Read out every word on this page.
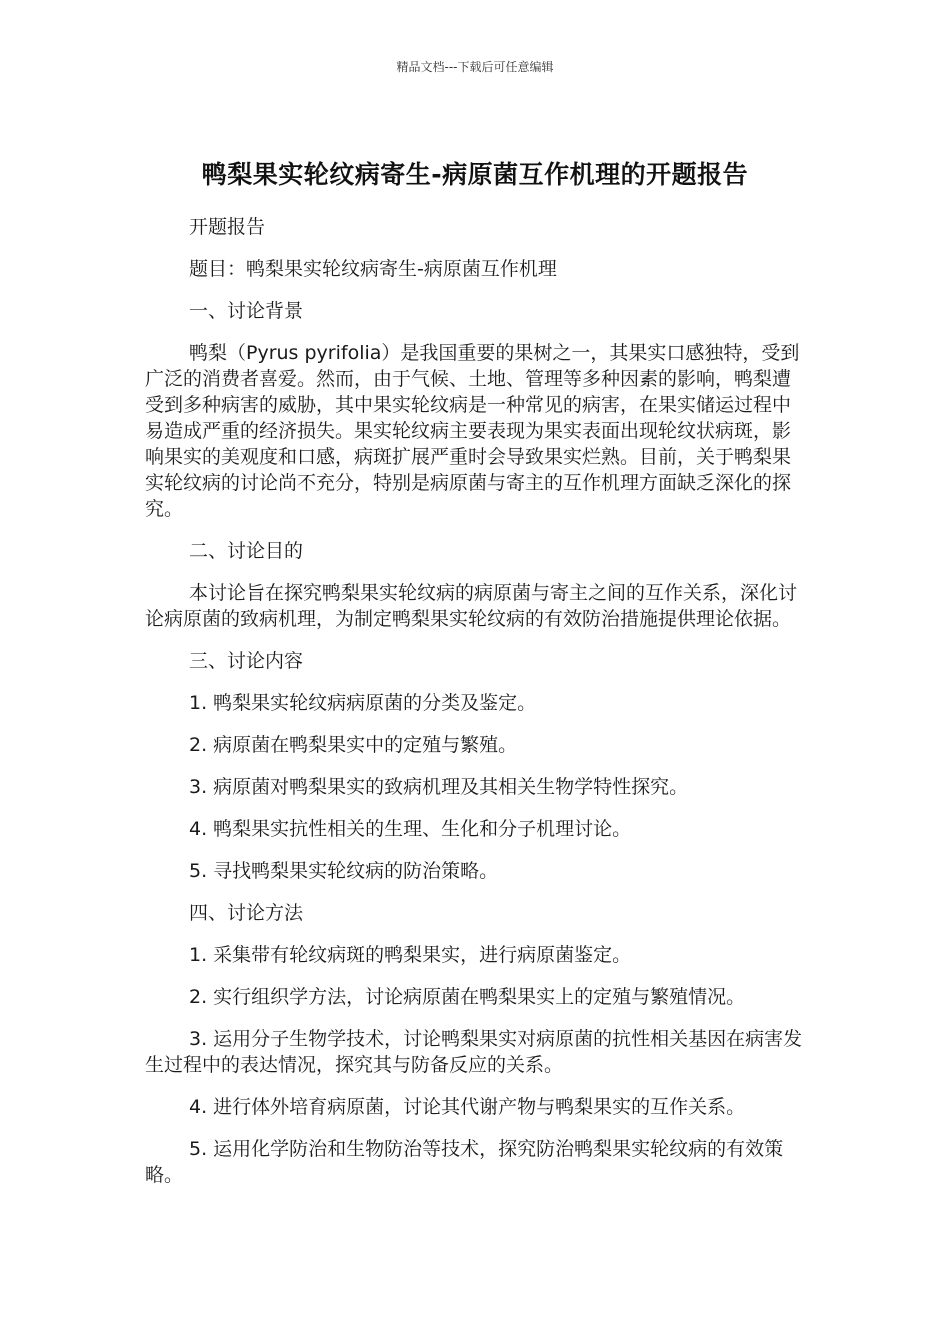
精品文档---下载后可任意编辑
鸭梨果实轮纹病寄生-病原菌互作机理的开题报告

开题报告

题目：鸭梨果实轮纹病寄生-病原菌互作机理

一、讨论背景

鸭梨（Pyrus pyrifolia）是我国重要的果树之一，其果实口感独特，受到广泛的消费者喜爱。然而，由于气候、土地、管理等多种因素的影响，鸭梨遭受到多种病害的威胁，其中果实轮纹病是一种常见的病害，在果实储运过程中易造成严重的经济损失。果实轮纹病主要表现为果实表面出现轮纹状病斑，影响果实的美观度和口感，病斑扩展严重时会导致果实烂熟。目前，关于鸭梨果实轮纹病的讨论尚不充分，特别是病原菌与寄主的互作机理方面缺乏深化的探究。

二、讨论目的

本讨论旨在探究鸭梨果实轮纹病的病原菌与寄主之间的互作关系，深化讨论病原菌的致病机理，为制定鸭梨果实轮纹病的有效防治措施提供理论依据。

三、讨论内容

1. 鸭梨果实轮纹病病原菌的分类及鉴定。

2. 病原菌在鸭梨果实中的定殖与繁殖。

3. 病原菌对鸭梨果实的致病机理及其相关生物学特性探究。

4. 鸭梨果实抗性相关的生理、生化和分子机理讨论。

5. 寻找鸭梨果实轮纹病的防治策略。

四、讨论方法

1. 采集带有轮纹病斑的鸭梨果实，进行病原菌鉴定。

2. 实行组织学方法，讨论病原菌在鸭梨果实上的定殖与繁殖情况。

3. 运用分子生物学技术，讨论鸭梨果实对病原菌的抗性相关基因在病害发生过程中的表达情况，探究其与防备反应的关系。

4. 进行体外培育病原菌，讨论其代谢产物与鸭梨果实的互作关系。

5. 运用化学防治和生物防治等技术，探究防治鸭梨果实轮纹病的有效策略。
